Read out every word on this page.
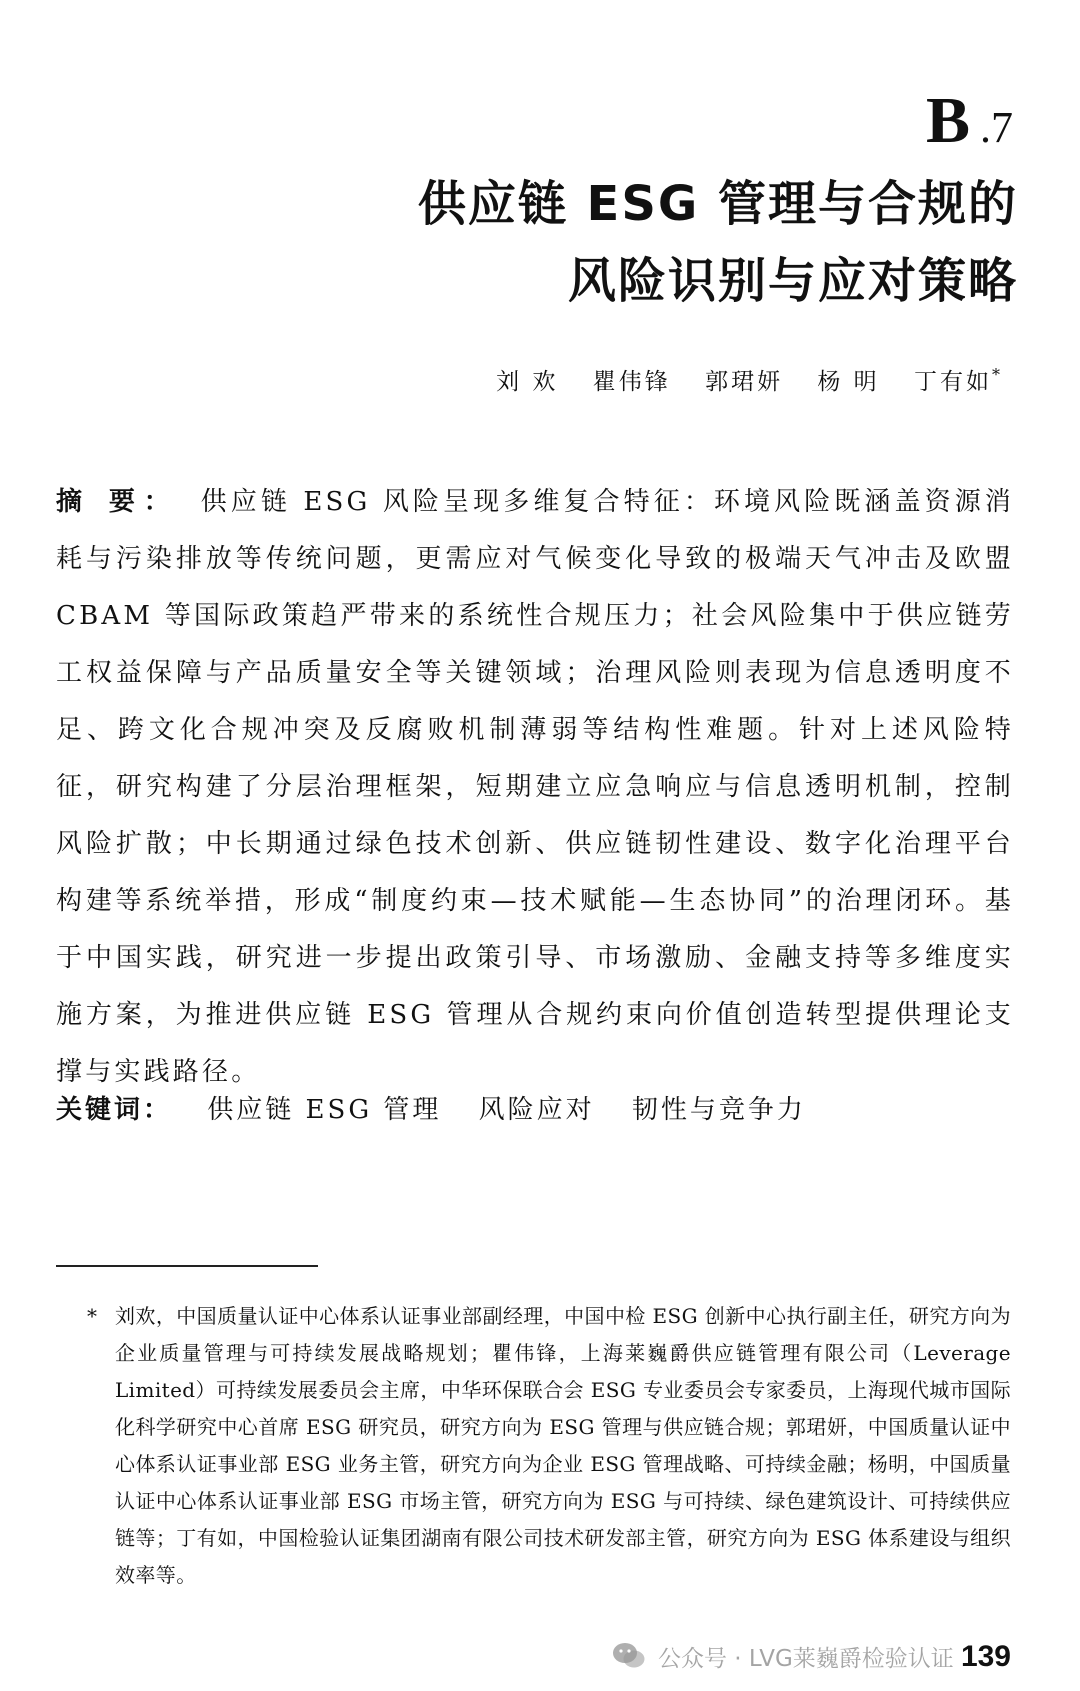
B .7
供应链 ESG 管理与合规的
风险识别与应对策略
刘 欢 瞿伟锋 郭珺妍 杨 明 丁有如*
摘 要： 供应链 ESG 风险呈现多维复合特征：环境风险既涵盖资源消耗与污染排放等传统问题，更需应对气候变化导致的极端天气冲击及欧盟 CBAM 等国际政策趋严带来的系统性合规压力；社会风险集中于供应链劳工权益保障与产品质量安全等关键领域；治理风险则表现为信息透明度不足、跨文化合规冲突及反腐败机制薄弱等结构性难题。针对上述风险特征，研究构建了分层治理框架，短期建立应急响应与信息透明机制，控制风险扩散；中长期通过绿色技术创新、供应链韧性建设、数字化治理平台构建等系统举措，形成“制度约束—技术赋能—生态协同”的治理闭环。基于中国实践，研究进一步提出政策引导、市场激励、金融支持等多维度实施方案，为推进供应链 ESG 管理从合规约束向价值创造转型提供理论支撑与实践路径。
关键词： 供应链 ESG 管理 风险应对 韧性与竞争力
* 刘欢，中国质量认证中心体系认证事业部副经理，中国中检 ESG 创新中心执行副主任，研究方向为企业质量管理与可持续发展战略规划；瞿伟锋，上海莱巍爵供应链管理有限公司（Leverage Limited）可持续发展委员会主席，中华环保联合会 ESG 专业委员会专家委员，上海现代城市国际化科学研究中心首席 ESG 研究员，研究方向为 ESG 管理与供应链合规；郭珺妍，中国质量认证中心体系认证事业部 ESG 业务主管，研究方向为企业 ESG 管理战略、可持续金融；杨明，中国质量认证中心体系认证事业部 ESG 市场主管，研究方向为 ESG 与可持续、绿色建筑设计、可持续供应链等；丁有如，中国检验认证集团湖南有限公司技术研发部主管，研究方向为 ESG 体系建设与组织效率等。
公众号 · LVG莱巍爵检验认证 139
